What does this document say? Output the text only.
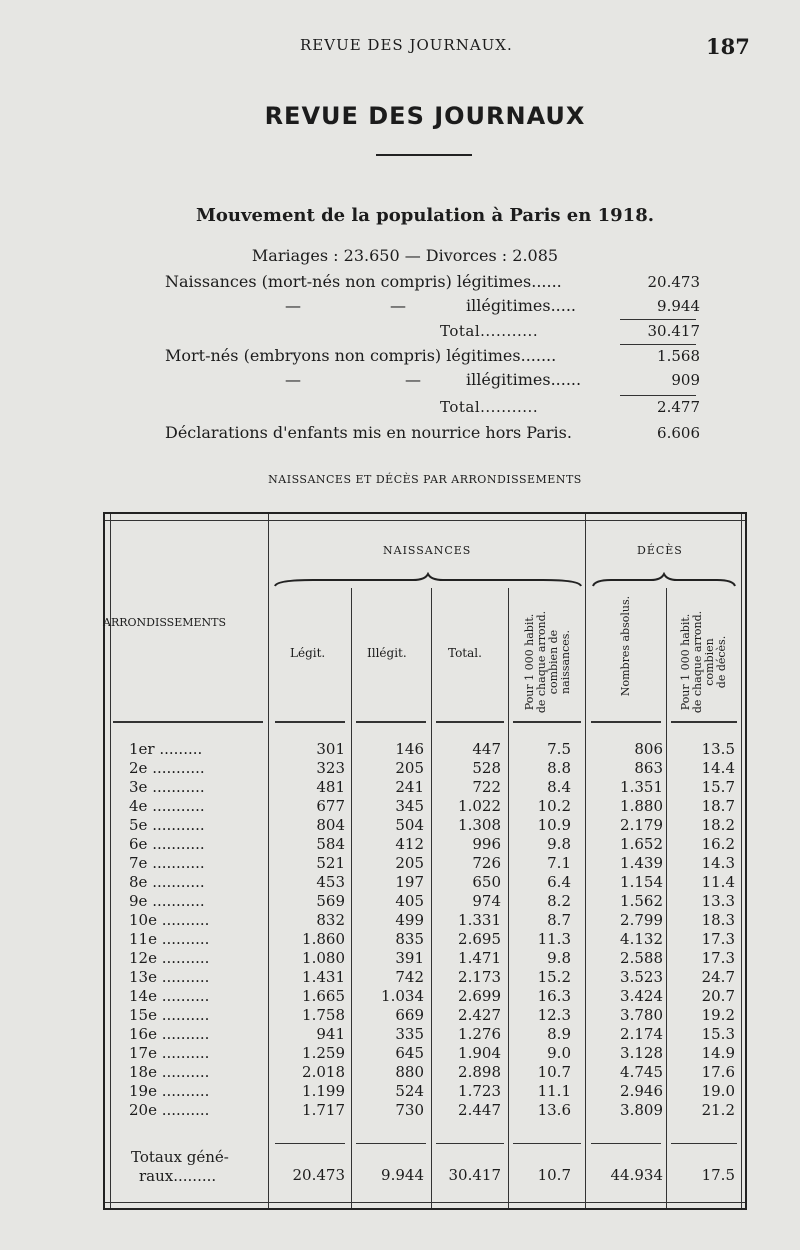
REVUE DES JOURNAUX.	187
REVUE DES JOURNAUX
Mouvement de la population à Paris en 1918.
Mariages : 23.650 — Divorces : 2.085
Naissances (mort-nés non compris) légitimes......	20.473
—	—	illégitimes.....	9.944
Total...........	30.417
Mort-nés (embryons non compris) légitimes.......	1.568
—	—	illégitimes......	909
Total...........	2.477
Déclarations d'enfants mis en nourrice hors Paris.	6.606
NAISSANCES ET DÉCÈS PAR ARRONDISSEMENTS
NAISSANCES	DÉCÈS
ARRONDISSEMENTS
Légit.	Illégit.	Total.	Pour 1 000 habit. de chaque arrond. combien de naissances.	Nombres absolus.	Pour 1 000 habit. de chaque arrond. combien de décès.
1er .........	301	146	447	7.5	806	13.5
2e ...........	323	205	528	8.8	863	14.4
3e ...........	481	241	722	8.4	1.351	15.7
4e ...........	677	345	1.022	10.2	1.880	18.7
5e ...........	804	504	1.308	10.9	2.179	18.2
6e ...........	584	412	996	9.8	1.652	16.2
7e ...........	521	205	726	7.1	1.439	14.3
8e ...........	453	197	650	6.4	1.154	11.4
9e ...........	569	405	974	8.2	1.562	13.3
10e ..........	832	499	1.331	8.7	2.799	18.3
11e ..........	1.860	835	2.695	11.3	4.132	17.3
12e ..........	1.080	391	1.471	9.8	2.588	17.3
13e ..........	1.431	742	2.173	15.2	3.523	24.7
14e ..........	1.665	1.034	2.699	16.3	3.424	20.7
15e ..........	1.758	669	2.427	12.3	3.780	19.2
16e ..........	941	335	1.276	8.9	2.174	15.3
17e ..........	1.259	645	1.904	9.0	3.128	14.9
18e ..........	2.018	880	2.898	10.7	4.745	17.6
19e ..........	1.199	524	1.723	11.1	2.946	19.0
20e ..........	1.717	730	2.447	13.6	3.809	21.2
Totaux géné-
raux.........	20.473	9.944	30.417	10.7	44.934	17.5
